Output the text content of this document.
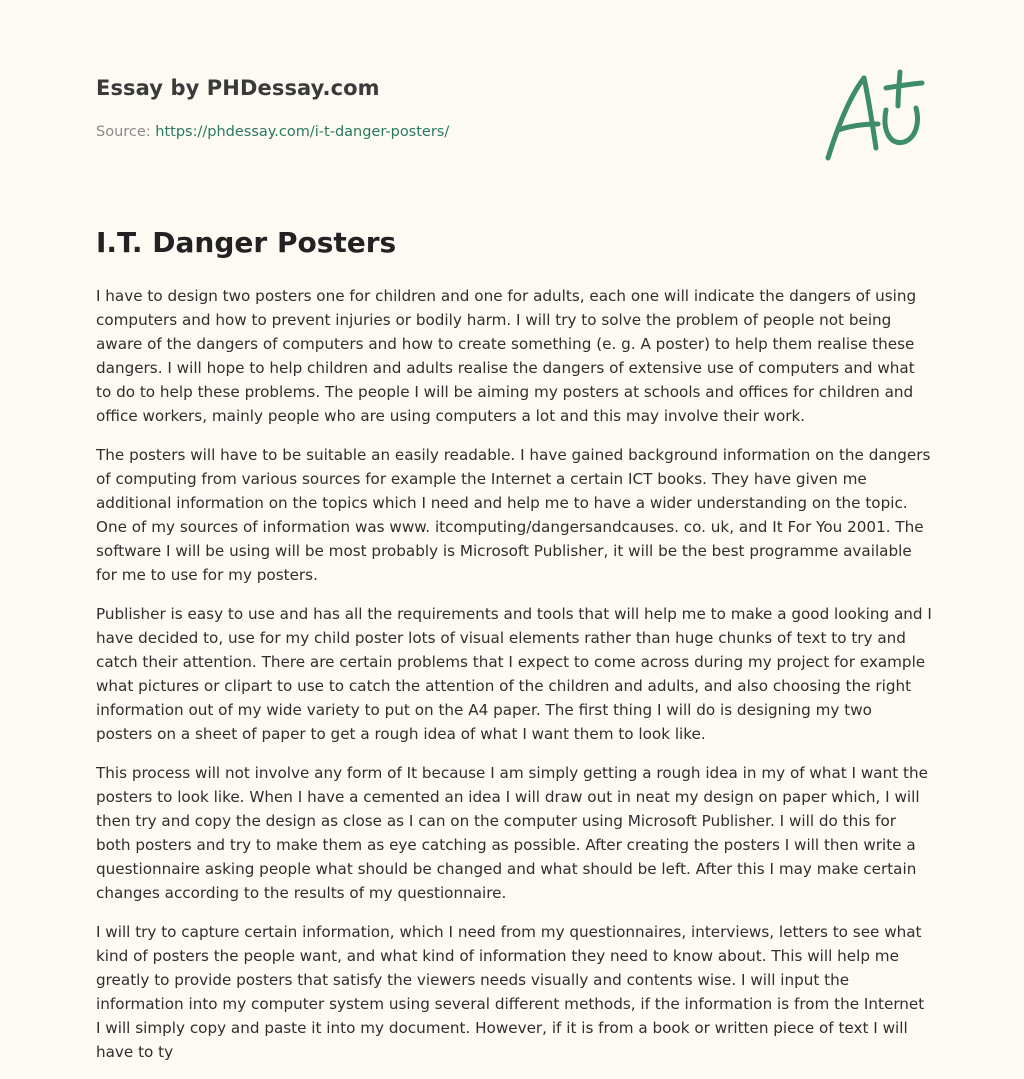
Essay by PHDessay.com
Source: https://phdessay.com/i-t-danger-posters/
I.T. Danger Posters

I have to design two posters one for children and one for adults, each one will indicate the dangers of using computers and how to prevent injuries or bodily harm. I will try to solve the problem of people not being aware of the dangers of computers and how to create something (e. g. A poster) to help them realise these dangers. I will hope to help children and adults realise the dangers of extensive use of computers and what to do to help these problems. The people I will be aiming my posters at schools and offices for children and office workers, mainly people who are using computers a lot and this may involve their work.

The posters will have to be suitable an easily readable. I have gained background information on the dangers of computing from various sources for example the Internet a certain ICT books. They have given me additional information on the topics which I need and help me to have a wider understanding on the topic. One of my sources of information was www. itcomputing/dangersandcauses. co. uk, and It For You 2001. The software I will be using will be most probably is Microsoft Publisher, it will be the best programme available for me to use for my posters.

Publisher is easy to use and has all the requirements and tools that will help me to make a good looking and I have decided to, use for my child poster lots of visual elements rather than huge chunks of text to try and catch their attention. There are certain problems that I expect to come across during my project for example what pictures or clipart to use to catch the attention of the children and adults, and also choosing the right information out of my wide variety to put on the A4 paper. The first thing I will do is designing my two posters on a sheet of paper to get a rough idea of what I want them to look like.

This process will not involve any form of It because I am simply getting a rough idea in my of what I want the posters to look like. When I have a cemented an idea I will draw out in neat my design on paper which, I will then try and copy the design as close as I can on the computer using Microsoft Publisher. I will do this for both posters and try to make them as eye catching as possible. After creating the posters I will then write a questionnaire asking people what should be changed and what should be left. After this I may make certain changes according to the results of my questionnaire.

I will try to capture certain information, which I need from my questionnaires, interviews, letters to see what kind of posters the people want, and what kind of information they need to know about. This will help me greatly to provide posters that satisfy the viewers needs visually and contents wise. I will input the information into my computer system using several different methods, if the information is from the Internet I will simply copy and paste it into my document. However, if it is from a book or written piece of text I will have to ty
